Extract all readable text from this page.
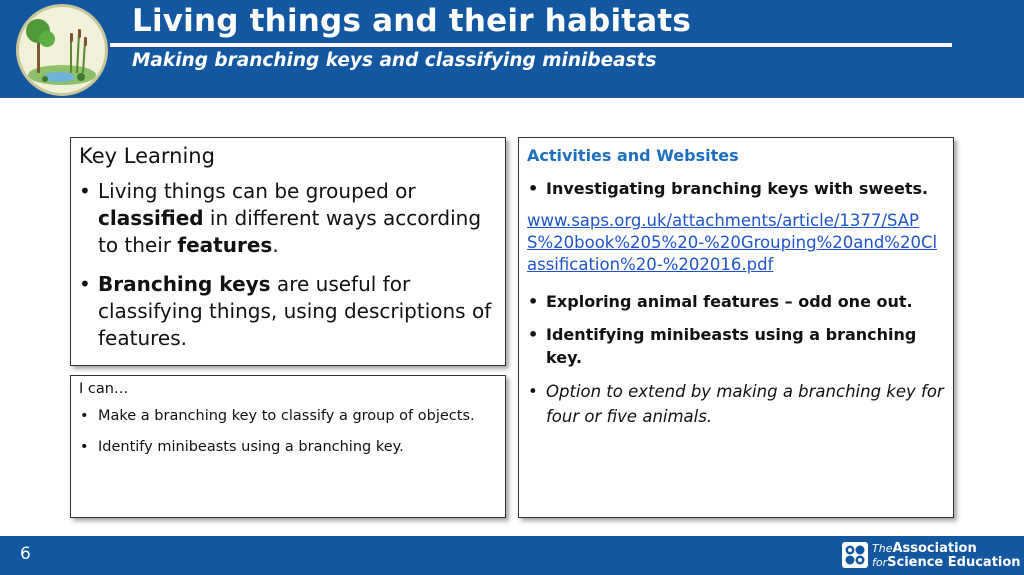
Living things and their habitats
Making branching keys and classifying minibeasts
Key Learning
• Living things can be grouped or classified in different ways according to their features.
• Branching keys are useful for classifying things, using descriptions of features.
I can…
• Make a branching key to classify a group of objects.
• Identify minibeasts using a branching key.
Activities and Websites
• Investigating branching keys with sweets.
www.saps.org.uk/attachments/article/1377/SAPS%20book%205%20-%20Grouping%20and%20Classification%20-%202016.pdf
• Exploring animal features – odd one out.
• Identifying minibeasts using a branching key.
• Option to extend by making a branching key for four or five animals.
6	TheAssociation
forScience Education
